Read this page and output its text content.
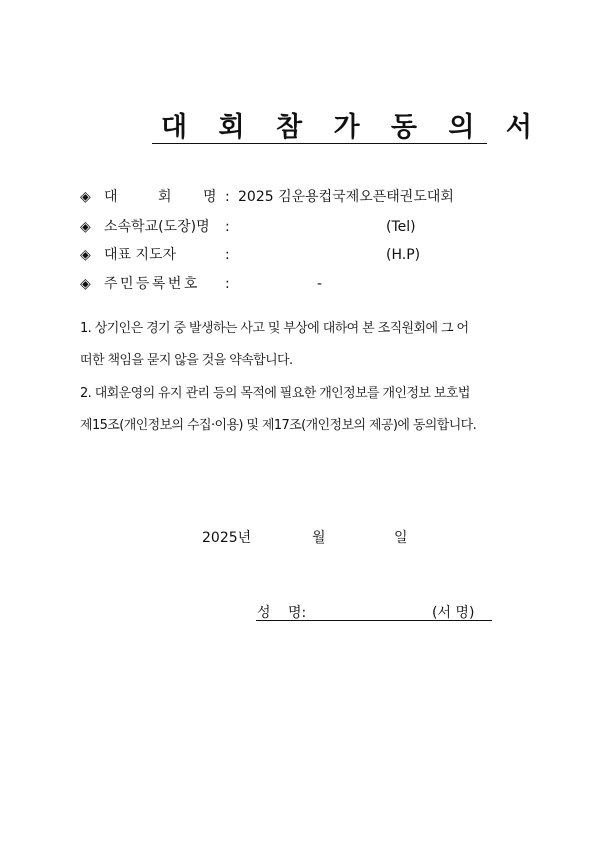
대 회 참 가 동 의 서
◈ 대	회 명 : 2025 김운용컵국제오픈태권도대회
◈ 소속학교(도장)명 :	(Tel)
◈ 대표 지도자	:	(H.P)
◈ 주 민 등 록 번 호 :	-
1. 상기인은 경기 중 발생하는 사고 및 부상에 대하여 본 조직원회에 그 어
떠한 책임을 묻지 않을 것을 약속합니다.
2. 대회운영의 유지 관리 등의 목적에 필요한 개인정보를 개인정보 보호법
제15조(개인정보의 수집·이용) 및 제17조(개인정보의 제공)에 동의합니다.
2025년	월	일
성 명:	(서 명)
